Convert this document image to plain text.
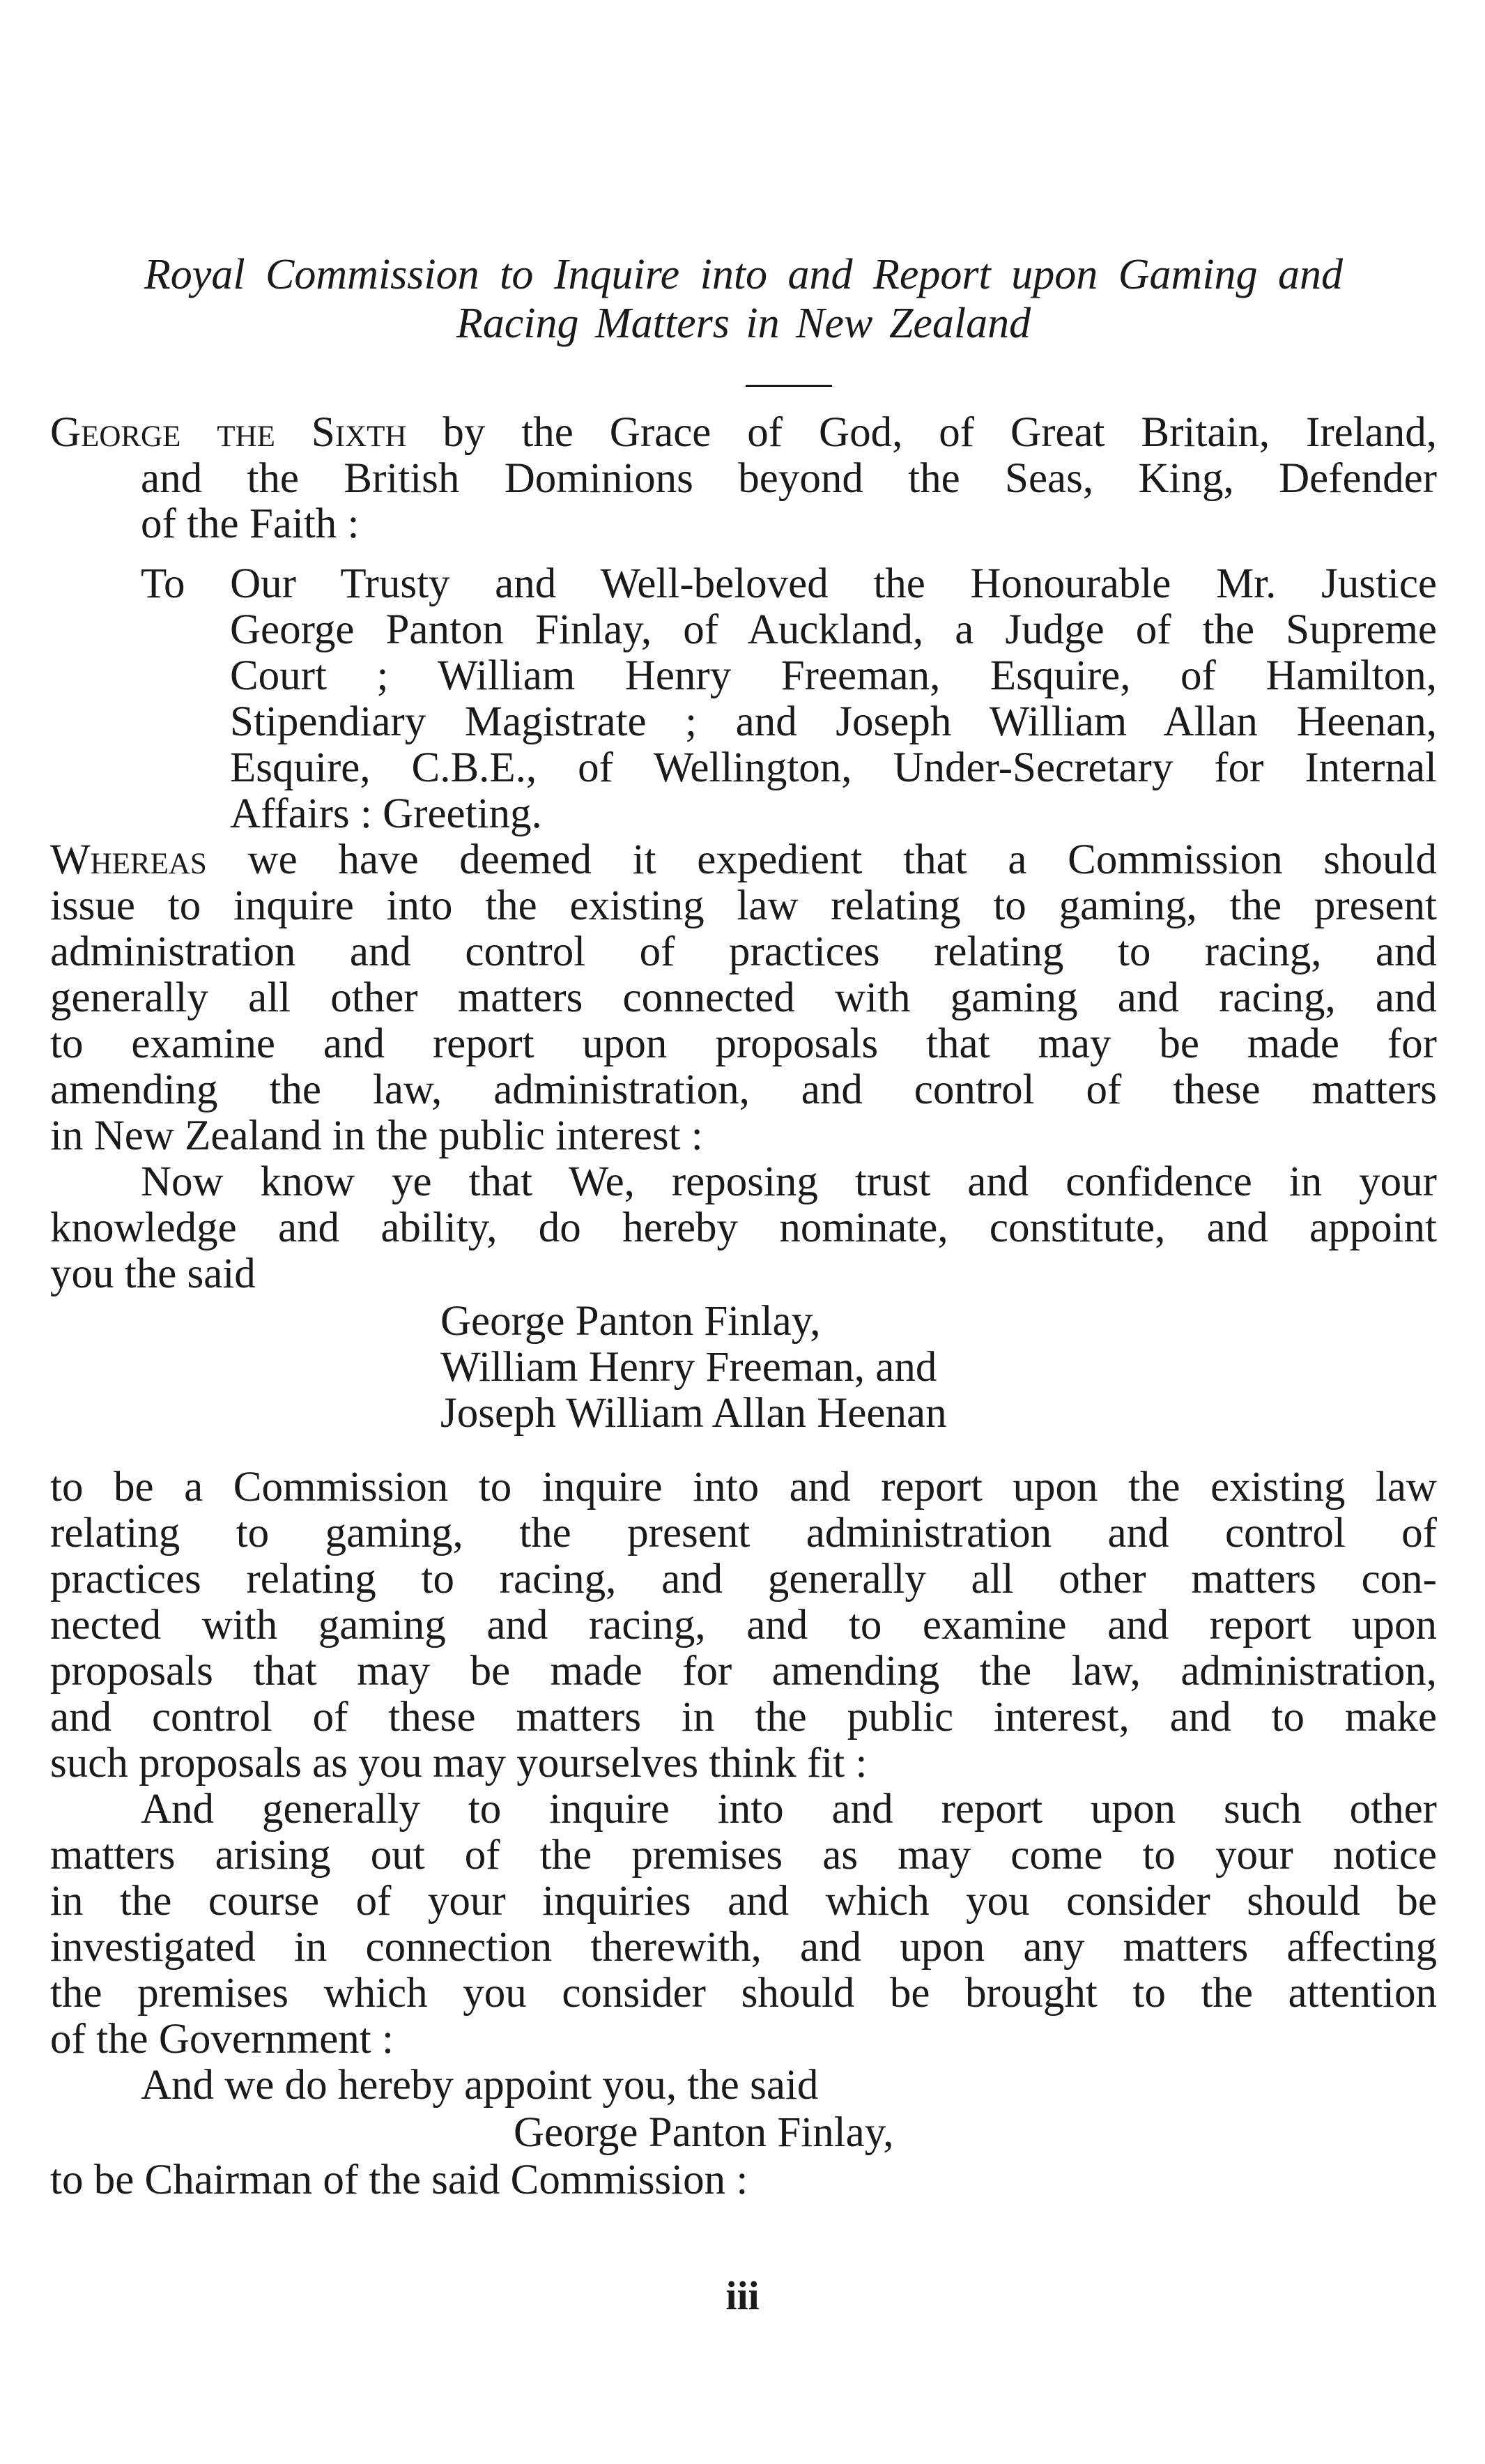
Royal Commission to Inquire into and Report upon Gaming and
Racing Matters in New Zealand
George the Sixth by the Grace of God, of Great Britain, Ireland,
and the British Dominions beyond the Seas, King, Defender
of the Faith :
To Our Trusty and Well-beloved the Honourable Mr. Justice
George Panton Finlay, of Auckland, a Judge of the Supreme
Court ; William Henry Freeman, Esquire, of Hamilton,
Stipendiary Magistrate ; and Joseph William Allan Heenan,
Esquire, C.B.E., of Wellington, Under-Secretary for Internal
Affairs : Greeting.
Whereas we have deemed it expedient that a Commission should
issue to inquire into the existing law relating to gaming, the present
administration and control of practices relating to racing, and
generally all other matters connected with gaming and racing, and
to examine and report upon proposals that may be made for
amending the law, administration, and control of these matters
in New Zealand in the public interest :
Now know ye that We, reposing trust and confidence in your
knowledge and ability, do hereby nominate, constitute, and appoint
you the said
George Panton Finlay,
William Henry Freeman, and
Joseph William Allan Heenan
to be a Commission to inquire into and report upon the existing law
relating to gaming, the present administration and control of
practices relating to racing, and generally all other matters con-
nected with gaming and racing, and to examine and report upon
proposals that may be made for amending the law, administration,
and control of these matters in the public interest, and to make
such proposals as you may yourselves think fit :
And generally to inquire into and report upon such other
matters arising out of the premises as may come to your notice
in the course of your inquiries and which you consider should be
investigated in connection therewith, and upon any matters affecting
the premises which you consider should be brought to the attention
of the Government :
And we do hereby appoint you, the said
George Panton Finlay,
to be Chairman of the said Commission :
iii
